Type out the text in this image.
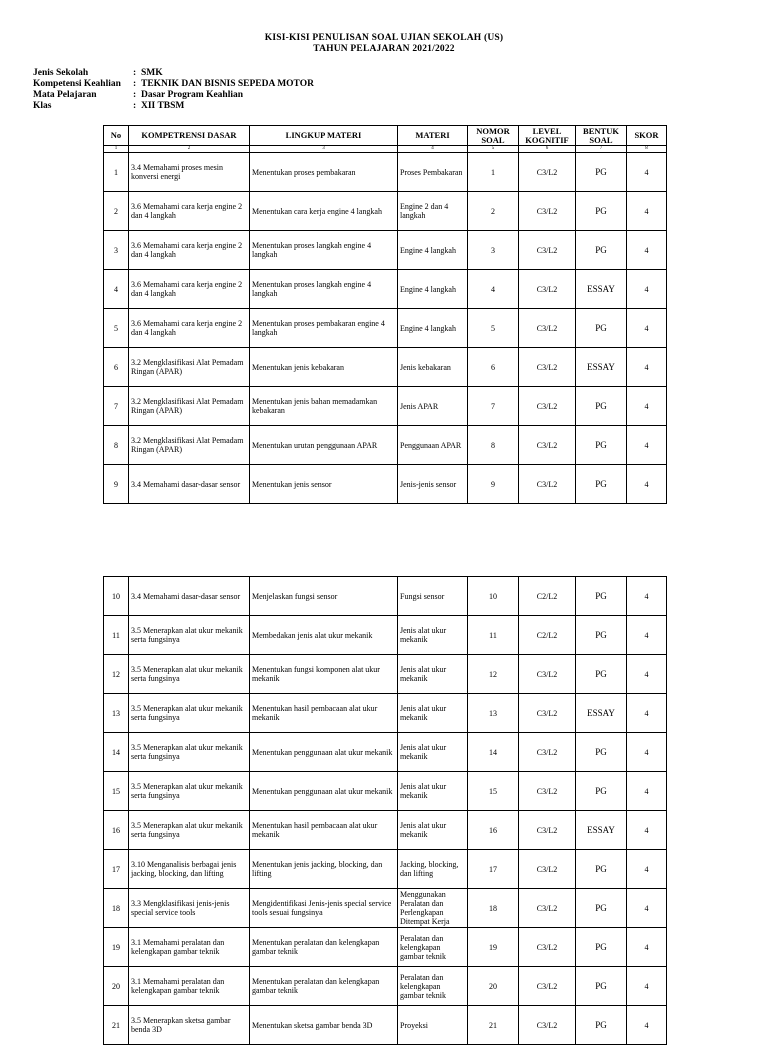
KISI-KISI PENULISAN SOAL UJIAN SEKOLAH (US)
TAHUN PELAJARAN 2021/2022
Jenis Sekolah	: SMK
Kompetensi Keahlian : TEKNIK DAN BISNIS SEPEDA MOTOR
Mata Pelajaran	: Dasar Program Keahlian
Klas	: XII TBSM
No	KOMPETRENSI DASAR	LINGKUP MATERI	MATERI	NOMOR SOAL	LEVEL KOGNITIF	BENTUK SOAL	SKOR
1	2	3	4	5	6	7	8
1	3.4 Memahami proses mesin konversi energi	Menentukan proses pembakaran	Proses Pembakaran	1	C3/L2	PG	4
2	3.6 Memahami cara kerja engine 2 dan 4 langkah	Menentukan cara kerja engine 4 langkah	Engine 2 dan 4 langkah	2	C3/L2	PG	4
3	3.6 Memahami cara kerja engine 2 dan 4 langkah	Menentukan proses langkah engine 4 langkah	Engine 4 langkah	3	C3/L2	PG	4
4	3.6 Memahami cara kerja engine 2 dan 4 langkah	Menentukan proses langkah engine 4 langkah	Engine 4 langkah	4	C3/L2	ESSAY	4
5	3.6 Memahami cara kerja engine 2 dan 4 langkah	Menentukan proses pembakaran engine 4 langkah	Engine 4 langkah	5	C3/L2	PG	4
6	3.2 Mengklasifikasi Alat Pemadam Ringan (APAR)	Menentukan jenis kebakaran	Jenis kebakaran	6	C3/L2	ESSAY	4
7	3.2 Mengklasifikasi Alat Pemadam Ringan (APAR)	Menentukan jenis bahan memadamkan kebakaran	Jenis APAR	7	C3/L2	PG	4
8	3.2 Mengklasifikasi Alat Pemadam Ringan (APAR)	Menentukan urutan penggunaan APAR	Penggunaan APAR	8	C3/L2	PG	4
9	3.4 Memahami dasar-dasar sensor	Menentukan jenis sensor	Jenis-jenis sensor	9	C3/L2	PG	4
10	3.4 Memahami dasar-dasar sensor	Menjelaskan fungsi sensor	Fungsi sensor	10	C2/L2	PG	4
11	3.5 Menerapkan alat ukur mekanik serta fungsinya	Membedakan jenis alat ukur mekanik	Jenis alat ukur mekanik	11	C2/L2	PG	4
12	3.5 Menerapkan alat ukur mekanik serta fungsinya	Menentukan fungsi komponen alat ukur mekanik	Jenis alat ukur mekanik	12	C3/L2	PG	4
13	3.5 Menerapkan alat ukur mekanik serta fungsinya	Menentukan hasil pembacaan alat ukur mekanik	Jenis alat ukur mekanik	13	C3/L2	ESSAY	4
14	3.5 Menerapkan alat ukur mekanik serta fungsinya	Menentukan penggunaan alat ukur mekanik	Jenis alat ukur mekanik	14	C3/L2	PG	4
15	3.5 Menerapkan alat ukur mekanik serta fungsinya	Menentukan penggunaan alat ukur mekanik	Jenis alat ukur mekanik	15	C3/L2	PG	4
16	3.5 Menerapkan alat ukur mekanik serta fungsinya	Menentukan hasil pembacaan alat ukur mekanik	Jenis alat ukur mekanik	16	C3/L2	ESSAY	4
17	3.10 Menganalisis berbagai jenis jacking, blocking, dan lifting	Menentukan jenis jacking, blocking, dan lifting	Jacking, blocking, dan lifting	17	C3/L2	PG	4
18	3.3 Mengklasifikasi jenis-jenis special service tools	Mengidentifikasi Jenis-jenis special service tools sesuai fungsinya	Menggunakan Peralatan dan Perlengkapan Ditempat Kerja	18	C3/L2	PG	4
19	3.1 Memahami peralatan dan kelengkapan gambar teknik	Menentukan peralatan dan kelengkapan gambar teknik	Peralatan dan kelengkapan gambar teknik	19	C3/L2	PG	4
20	3.1 Memahami peralatan dan kelengkapan gambar teknik	Menentukan peralatan dan kelengkapan gambar teknik	Peralatan dan kelengkapan gambar teknik	20	C3/L2	PG	4
21	3.5 Menerapkan sketsa gambar benda 3D	Menentukan sketsa gambar benda 3D	Proyeksi	21	C3/L2	PG	4
